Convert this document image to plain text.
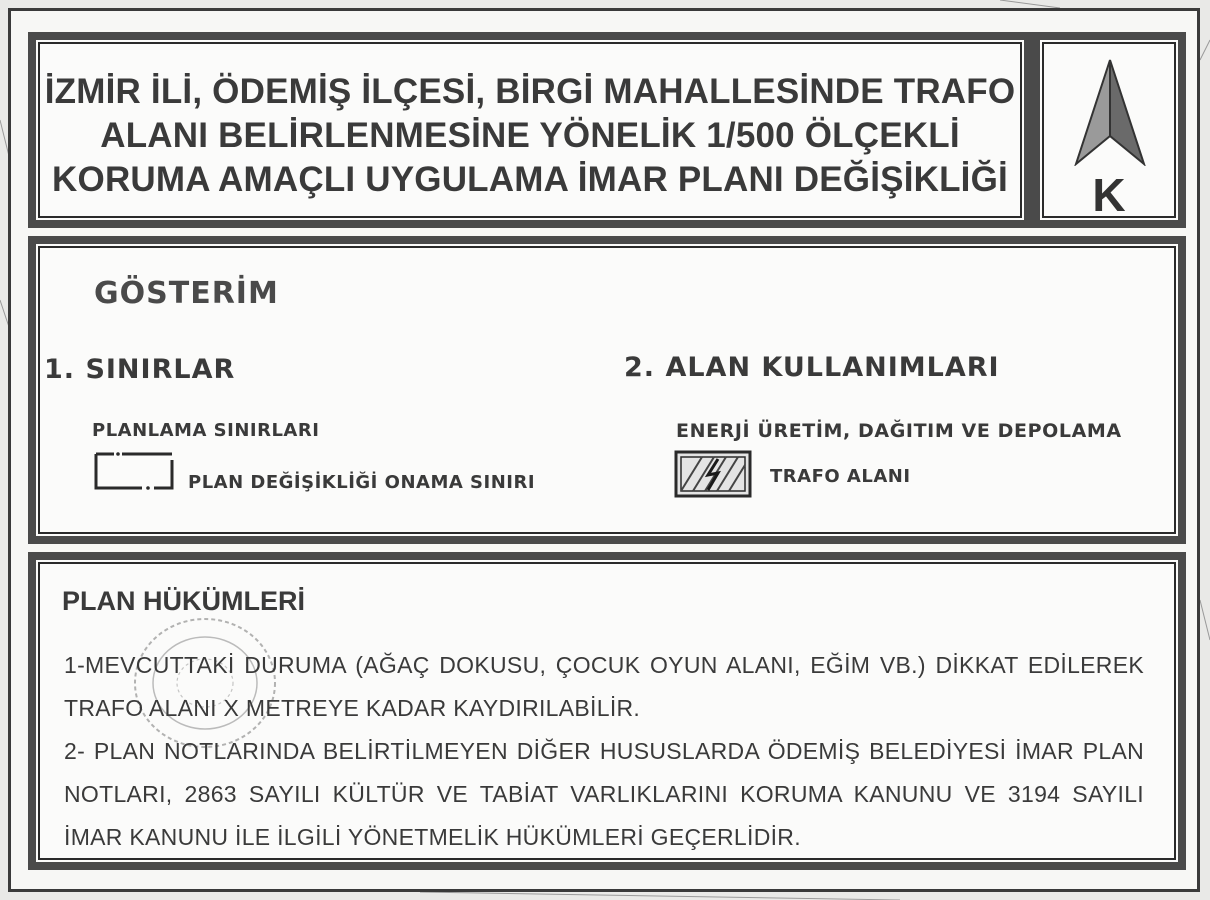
İZMİR İLİ, ÖDEMİŞ İLÇESİ, BİRGİ MAHALLESİNDE TRAFO
ALANI BELİRLENMESİNE YÖNELİK 1/500 ÖLÇEKLİ
KORUMA AMAÇLI UYGULAMA İMAR PLANI DEĞİŞİKLİĞİ	K
GÖSTERİM
1. SINIRLAR
PLANLAMA SINIRLARI
PLAN DEĞİŞİKLİĞİ ONAMA SINIRI
2. ALAN KULLANIMLARI
ENERJİ ÜRETİM, DAĞITIM VE DEPOLAMA
TRAFO ALANI
PLAN HÜKÜMLERİ

1-MEVCUTTAKİ DURUMA (AĞAÇ DOKUSU, ÇOCUK OYUN ALANI, EĞİM VB.) DİKKAT EDİLEREK

TRAFO ALANI X METREYE KADAR KAYDIRILABİLİR.

2- PLAN NOTLARINDA BELİRTİLMEYEN DİĞER HUSUSLARDA ÖDEMİŞ BELEDİYESİ İMAR PLAN

NOTLARI, 2863 SAYILI KÜLTÜR VE TABİAT VARLIKLARINI KORUMA KANUNU VE 3194 SAYILI

İMAR KANUNU İLE İLGİLİ YÖNETMELİK HÜKÜMLERİ GEÇERLİDİR.
